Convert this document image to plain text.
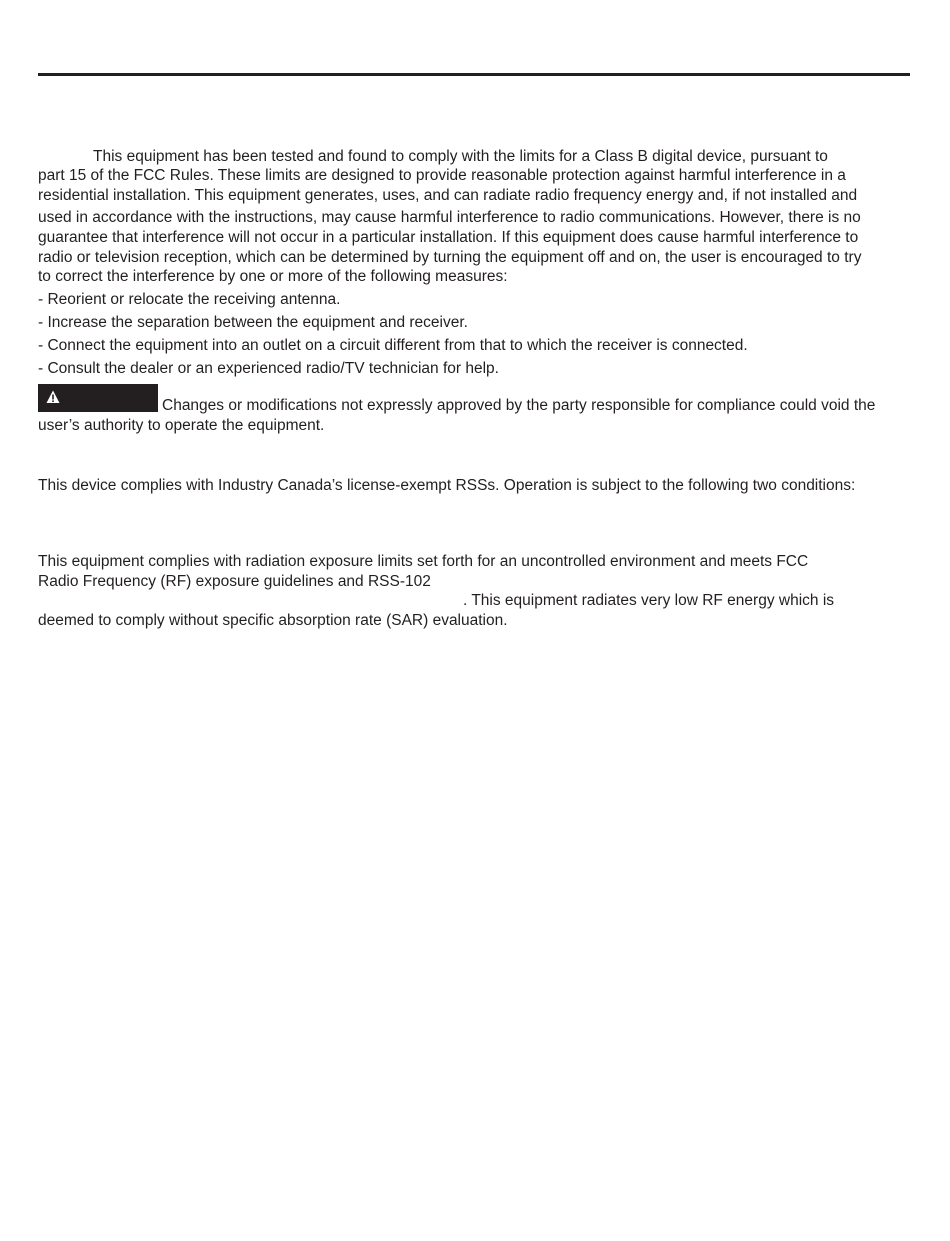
This equipment has been tested and found to comply with the limits for a Class B digital device, pursuant to
part 15 of the FCC Rules. These limits are designed to provide reasonable protection against harmful interference in a
residential installation. This equipment generates, uses, and can radiate radio frequency energy and, if not installed and
used in accordance with the instructions, may cause harmful interference to radio communications. However, there is no
guarantee that interference will not occur in a particular installation. If this equipment does cause harmful interference to
radio or television reception, which can be determined by turning the equipment off and on, the user is encouraged to try
to correct the interference by one or more of the following measures:
- Reorient or relocate the receiving antenna.
- Increase the separation between the equipment and receiver.
- Connect the equipment into an outlet on a circuit different from that to which the receiver is connected.
- Consult the dealer or an experienced radio/TV technician for help.
Changes or modifications not expressly approved by the party responsible for compliance could void the
user’s authority to operate the equipment.
This device complies with Industry Canada’s license-exempt RSSs. Operation is subject to the following two conditions:
This equipment complies with radiation exposure limits set forth for an uncontrolled environment and meets FCC
Radio Frequency (RF) exposure guidelines and RSS-102
. This equipment radiates very low RF energy which is
deemed to comply without specific absorption rate (SAR) evaluation.
